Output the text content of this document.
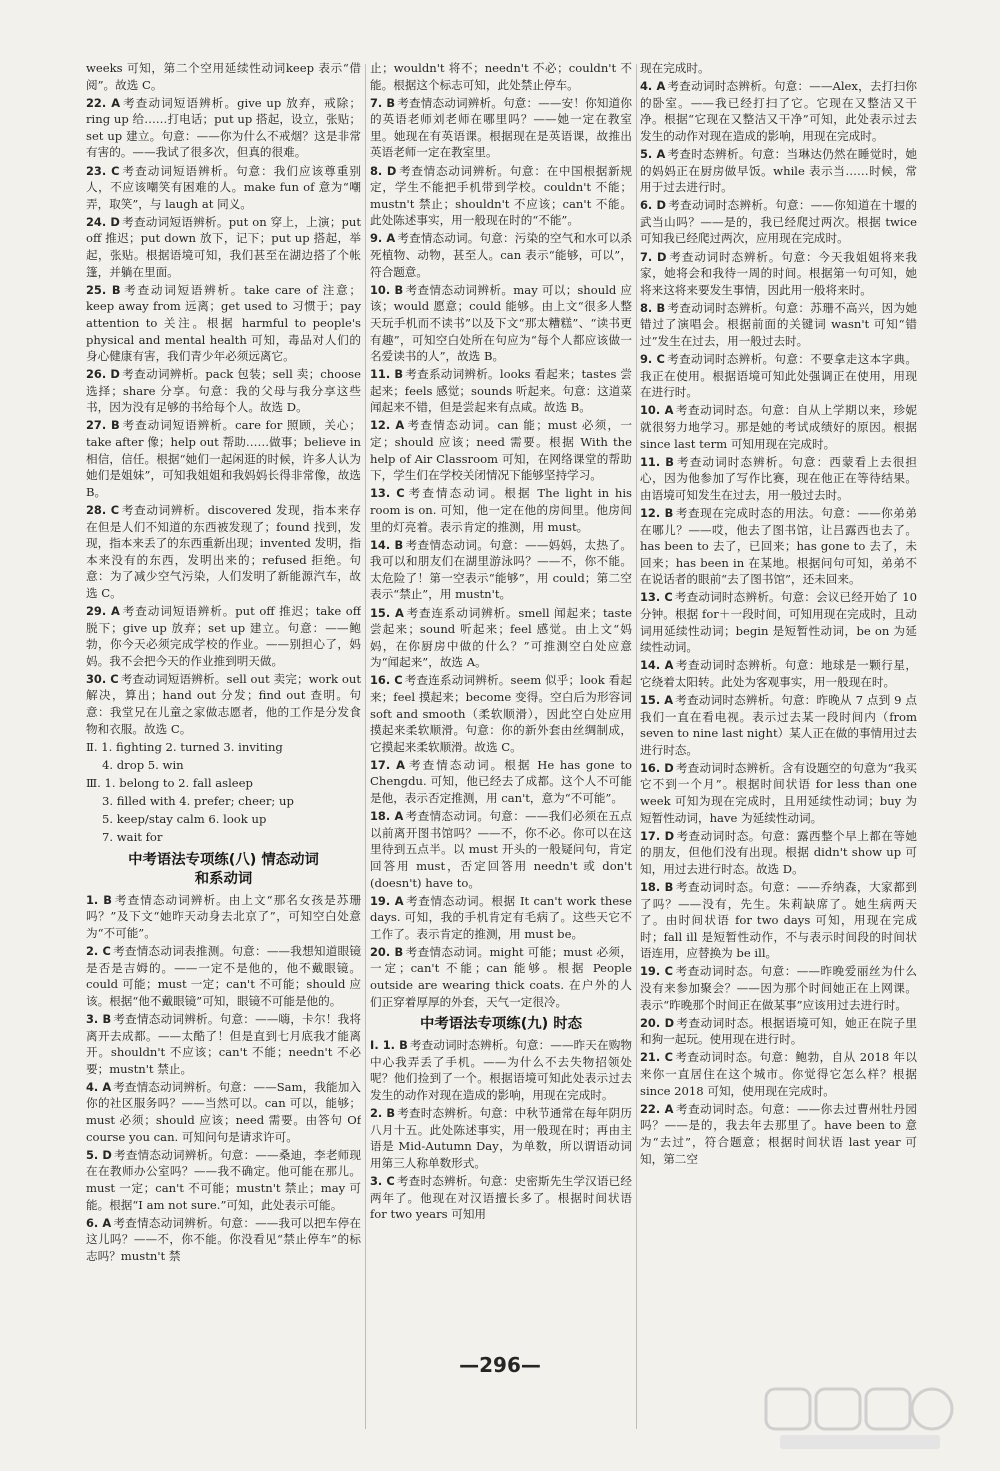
weeks 可知，第二个空用延续性动词keep 表示“借阅”。故选 C。

22. A 考查动词短语辨析。give up 放弃，戒除；ring up 给……打电话；put up 搭起，设立，张贴；set up 建立。句意：——你为什么不戒烟？这是非常有害的。——我试了很多次，但真的很难。

23. C 考查动词短语辨析。句意：我们应该尊重别人，不应该嘲笑有困难的人。make fun of 意为“嘲弄，取笑”，与 laugh at 同义。

24. D 考查动词短语辨析。put on 穿上，上演；put off 推迟；put down 放下，记下；put up 搭起，举起，张贴。根据语境可知，我们甚至在湖边搭了个帐篷，并躺在里面。

25. B 考查动词短语辨析。take care of 注意；keep away from 远离；get used to 习惯于；pay attention to 关注。根据 harmful to people's physical and mental health 可知，毒品对人们的身心健康有害，我们青少年必须远离它。

26. D 考查动词辨析。pack 包装；sell 卖；choose 选择；share 分享。句意：我的父母与我分享这些书，因为没有足够的书给每个人。故选 D。

27. B 考查动词短语辨析。care for 照顾，关心；take after 像；help out 帮助……做事；believe in 相信，信任。根据“她们一起闲逛的时候，许多人认为她们是姐妹”，可知我姐姐和我妈妈长得非常像，故选 B。

28. C 考查动词辨析。discovered 发现，指本来存在但是人们不知道的东西被发现了；found 找到，发现，指本来丢了的东西重新出现；invented 发明，指本来没有的东西，发明出来的；refused 拒绝。句意：为了减少空气污染，人们发明了新能源汽车，故选 C。

29. A 考查动词短语辨析。put off 推迟；take off 脱下；give up 放弃；set up 建立。句意：——鲍勃，你今天必须完成学校的作业。——别担心了，妈妈。我不会把今天的作业推到明天做。

30. C 考查动词短语辨析。sell out 卖完；work out 解决，算出；hand out 分发；find out 查明。句意：我堂兄在儿童之家做志愿者，他的工作是分发食物和衣服。故选 C。

Ⅱ. 1. fighting 2. turned 3. inviting

4. drop 5. win

Ⅲ. 1. belong to 2. fall asleep

3. filled with 4. prefer; cheer; up

5. keep/stay calm 6. look up

7. wait for

中考语法专项练(八) 情态动词
和系动词

1. B 考查情态动词辨析。由上文“那名女孩是苏珊吗？”及下文“她昨天动身去北京了”，可知空白处意为“不可能”。

2. C 考查情态动词表推测。句意：——我想知道眼镜是否是吉姆的。——一定不是他的，他不戴眼镜。could 可能；must 一定；can't 不可能；should 应该。根据“他不戴眼镜”可知，眼镜不可能是他的。

3. B 考查情态动词辨析。句意：——嗨，卡尔！我将离开去成都。——太酷了！但是直到七月底我才能离开。shouldn't 不应该；can't 不能；needn't 不必要；mustn't 禁止。

4. A 考查情态动词辨析。句意：——Sam，我能加入你的社区服务吗？——当然可以。can 可以，能够；must 必须；should 应该；need 需要。由答句 Of course you can. 可知问句是请求许可。

5. D 考查情态动词辨析。句意：——桑迪，李老师现在在教师办公室吗？——我不确定。他可能在那儿。must 一定；can't 不可能；mustn't 禁止；may 可能。根据“I am not sure.”可知，此处表示可能。

6. A 考查情态动词辨析。句意：——我可以把车停在这儿吗？——不，你不能。你没看见“禁止停车”的标志吗？mustn't 禁

止；wouldn't 将不；needn't 不必；couldn't 不能。根据这个标志可知，此处禁止停车。

7. B 考查情态动词辨析。句意：——安！你知道你的英语老师刘老师在哪里吗？——她一定在教室里。她现在有英语课。根据现在是英语课，故推出英语老师一定在教室里。

8. D 考查情态动词辨析。句意：在中国根据新规定，学生不能把手机带到学校。couldn't 不能；mustn't 禁止；shouldn't 不应该；can't 不能。此处陈述事实，用一般现在时的“不能”。

9. A 考查情态动词。句意：污染的空气和水可以杀死植物、动物，甚至人。can 表示“能够，可以”，符合题意。

10. B 考查情态动词辨析。may 可以；should 应该；would 愿意；could 能够。由上文“很多人整天玩手机而不读书”以及下文“那太糟糕”、“读书更有趣”，可知空白处所在句应为“每个人都应该做一名爱读书的人”，故选 B。

11. B 考查系动词辨析。looks 看起来；tastes 尝起来；feels 感觉；sounds 听起来。句意：这道菜闻起来不错，但是尝起来有点咸。故选 B。

12. A 考查情态动词。can 能；must 必须，一定；should 应该；need 需要。根据 With the help of Air Classroom 可知，在网络课堂的帮助下，学生们在学校关闭情况下能够坚持学习。

13. C 考查情态动词。根据 The light in his room is on. 可知，他一定在他的房间里。他房间里的灯亮着。表示肯定的推测，用 must。

14. B 考查情态动词。句意：——妈妈，太热了。我可以和朋友们在湖里游泳吗？——不，你不能。太危险了！第一空表示“能够”，用 could；第二空表示“禁止”，用 mustn't。

15. A 考查连系动词辨析。smell 闻起来；taste 尝起来；sound 听起来；feel 感觉。由上文“妈妈，在你厨房中做的什么？”可推测空白处应意为“闻起来”，故选 A。

16. C 考查连系动词辨析。seem 似乎；look 看起来；feel 摸起来；become 变得。空白后为形容词 soft and smooth（柔软顺滑），因此空白处应用摸起来柔软顺滑。句意：你的新外套由丝绸制成，它摸起来柔软顺滑。故选 C。

17. A 考查情态动词。根据 He has gone to Chengdu. 可知，他已经去了成都。这个人不可能是他，表示否定推测，用 can't，意为“不可能”。

18. A 考查情态动词。句意：——我们必须在五点以前离开图书馆吗？——不，你不必。你可以在这里待到五点半。以 must 开头的一般疑问句，肯定回答用 must，否定回答用 needn't 或 don't (doesn't) have to。

19. A 考查情态动词。根据 It can't work these days. 可知，我的手机肯定有毛病了。这些天它不工作了。表示肯定的推测，用 must be。

20. B 考查情态动词。might 可能；must 必须，一定；can't 不能；can 能够。根据 People outside are wearing thick coats. 在户外的人们正穿着厚厚的外套，天气一定很冷。

中考语法专项练(九) 时态

Ⅰ. 1. B 考查动词时态辨析。句意：——昨天在购物中心我弄丢了手机。——为什么不去失物招领处呢？他们捡到了一个。根据语境可知此处表示过去发生的动作对现在造成的影响，用现在完成时。

2. B 考查时态辨析。句意：中秋节通常在每年阴历八月十五。此处陈述事实，用一般现在时；再由主语是 Mid-Autumn Day，为单数，所以谓语动词用第三人称单数形式。

3. C 考查时态辨析。句意：史密斯先生学汉语已经两年了。他现在对汉语擅长多了。根据时间状语 for two years 可知用

现在完成时。

4. A 考查动词时态辨析。句意：——Alex，去打扫你的卧室。——我已经打扫了它。它现在又整洁又干净。根据“它现在又整洁又干净”可知，此处表示过去发生的动作对现在造成的影响，用现在完成时。

5. A 考查时态辨析。句意：当琳达仍然在睡觉时，她的妈妈正在厨房做早饭。while 表示当……时候，常用于过去进行时。

6. D 考查动词时态辨析。句意：——你知道在十堰的武当山吗？——是的，我已经爬过两次。根据 twice 可知我已经爬过两次，应用现在完成时。

7. D 考查动词时态辨析。句意：今天我姐姐将来我家，她将会和我待一周的时间。根据第一句可知，她将来这将来要发生事情，因此用一般将来时。

8. B 考查动词时态辨析。句意：苏珊不高兴，因为她错过了演唱会。根据前面的关键词 wasn't 可知“错过”发生在过去，用一般过去时。

9. C 考查动词时态辨析。句意：不要拿走这本字典。我正在使用。根据语境可知此处强调正在使用，用现在进行时。

10. A 考查动词时态。句意：自从上学期以来，珍妮就很努力地学习。那是她的考试成绩好的原因。根据 since last term 可知用现在完成时。

11. B 考查动词时态辨析。句意：西蒙看上去很担心，因为他参加了写作比赛，现在他正在等待结果。由语境可知发生在过去，用一般过去时。

12. B 考查现在完成时态的用法。句意：——你弟弟在哪儿？——哎，他去了图书馆，让吕露西也去了。has been to 去了，已回来；has gone to 去了，未回来；has been in 在某地。根据问句可知，弟弟不在说话者的眼前“去了图书馆”，还未回来。

13. C 考查动词时态辨析。句意：会议已经开始了 10 分钟。根据 for＋一段时间，可知用现在完成时，且动词用延续性动词；begin 是短暂性动词，be on 为延续性动词。

14. A 考查动词时态辨析。句意：地球是一颗行星，它绕着太阳转。此处为客观事实，用一般现在时。

15. A 考查动词时态辨析。句意：昨晚从 7 点到 9 点我们一直在看电视。表示过去某一段时间内（from seven to nine last night）某人正在做的事情用过去进行时态。

16. D 考查动词时态辨析。含有设题空的句意为“我买它不到一个月”。根据时间状语 for less than one week 可知为现在完成时，且用延续性动词；buy 为短暂性动词，have 为延续性动词。

17. D 考查动词时态。句意：露西整个早上都在等她的朋友，但他们没有出现。根据 didn't show up 可知，用过去进行时态。故选 D。

18. B 考查动词时态。句意：——乔纳森，大家都到了吗？——没有，先生。朱莉缺席了。她生病两天了。由时间状语 for two days 可知，用现在完成时；fall ill 是短暂性动作，不与表示时间段的时间状语连用，应替换为 be ill。

19. C 考查动词时态。句意：——昨晚爱丽丝为什么没有来参加聚会？——因为那个时间她正在上网课。表示“昨晚那个时间正在做某事”应该用过去进行时。

20. D 考查动词时态。根据语境可知，她正在院子里和狗一起玩。使用现在进行时。

21. C 考查动词时态。句意：鲍勃，自从 2018 年以来你一直居住在这个城市。你觉得它怎么样？根据 since 2018 可知，使用现在完成时。

22. A 考查动词时态。句意：——你去过曹州牡丹园吗？——是的，我去年去那里了。have been to 意为“去过”，符合题意；根据时间状语 last year 可知，第二空

—296—
